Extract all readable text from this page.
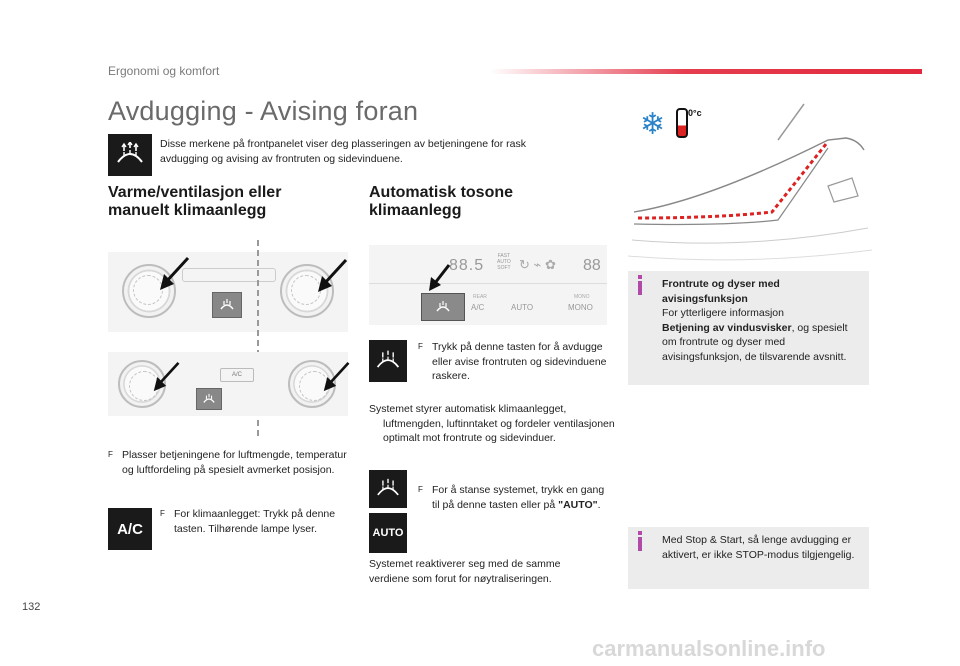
Ergonomi og komfort
Avdugging - Avising foran
Disse merkene på frontpanelet viser deg plasseringen av betjeningene for rask avdugging og avising av frontruten og sidevinduene.
Varme/ventilasjon eller
manuelt klimaanlegg
A/C
F Plasser betjeningene for luftmengde, temperatur og luftfordeling på spesielt avmerket posisjon.
A/C
F For klimaanlegget: Trykk på denne tasten. Tilhørende lampe lyser.
Automatisk tosone
klimaanlegg
88.5
FAST
AUTO
SOFT ↻ ⌁ ✿ 88
REAR
A/C	AUTO
MONO
MONO
F Trykk på denne tasten for å avdugge eller avise frontruten og sidevinduene raskere.
Systemet styrer automatisk klimaanlegget, luftmengden, luftinntaket og fordeler ventilasjonen optimalt mot frontrute og sidevinduer.
AUTO
F For å stanse systemet, trykk en gang til på denne tasten eller på "AUTO".
Systemet reaktiverer seg med de samme verdiene som forut for nøytraliseringen.
❄	0°c
Frontrute og dyser med avisingsfunksjon
For ytterligere informasjon
Betjening av vindusvisker, og spesielt om frontrute og dyser med avisingsfunksjon, de tilsvarende avsnitt.
Med Stop & Start, så lenge avdugging er aktivert, er ikke STOP-modus tilgjengelig.
132
carmanualsonline.info
